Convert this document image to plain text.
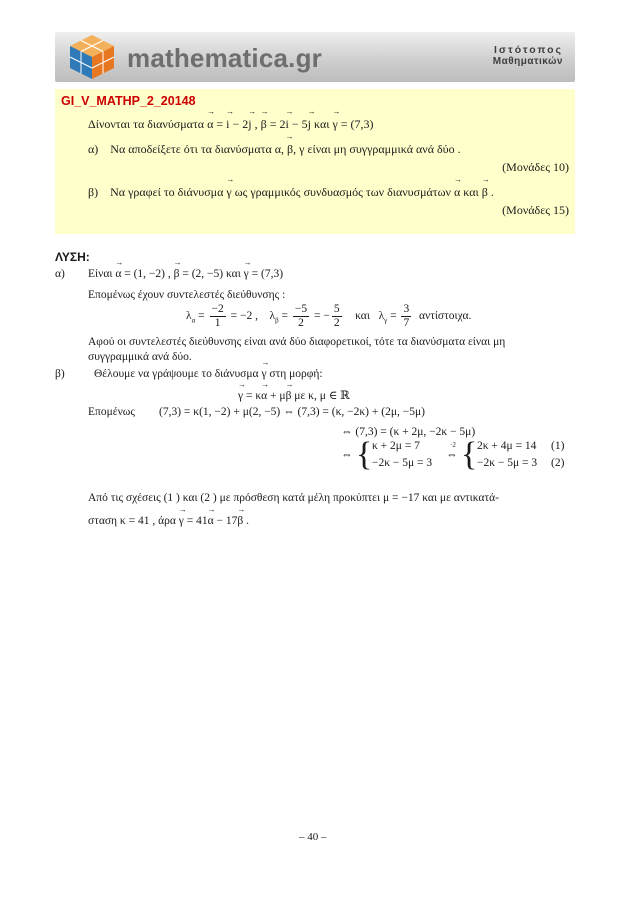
mathematica.gr	Ιστότοπος
Μαθηματικών
GI_V_MATHP_2_20148
Δίνονται τα διανύσματα → α = → i − 2→ j , → β = 2→ i − 5→ j και → γ = (7,3)
α) Να αποδείξετε ότι τα διανύσματα → α, β, γ είναι μη συγγραμμικά ανά δύο .
(Μονάδες 10)
β) Να γραφεί το διάνυσμα → γ ως γραμμικός συνδυασμός των διανυσμάτων → α και → β .
(Μονάδες 15)
ΛΥΣΗ:
α) Είναι → α = (1, −2) , → β = (2, −5) και → γ = (7,3)
Επομένως έχουν συντελεστές διεύθυνσης :
$\lambda_\alpha = \frac{-2}{1} = -2$ , $\lambda_\beta = \frac{-5}{2}$ = − $\frac{5}{2}$ και $\lambda_\gamma = \frac{3}{7} \alpha\nu\tau ί\sigma\tau o\iota\chi\alpha$.
Αφού οι συντελεστές διεύθυνσης είναι ανά δύο διαφορετικοί, τότε τα διανύσματα είναι μη
συγγραμμικά ανά δύο.
β)	Θέλουμε να γράψουμε το διάνυσμα → γ στη μορφή:
→ γ = κ→ α + μ→ β με κ, μ ∈ ℝ
Επομένως (7,3) = κ(1, −2) + μ(2, −5) ⇔ (7,3) = (κ, −2κ) + (2μ, −5μ)
⇔ (7,3) = (κ + 2μ, −2κ − 5μ)
⇔ { κ + 2μ = 7
−2κ − 5μ = 3
·2
⇔ { 2κ + 4μ = 14 (1)
−2κ − 5μ = 3 (2)
Από τις σχέσεις (1 ) και (2 ) με πρόσθεση κατά μέλη προκύπτει μ = −17 και με αντικατά-
σταση κ = 41 , άρα → γ = 41→ α − 17→ β .
– 40 –
